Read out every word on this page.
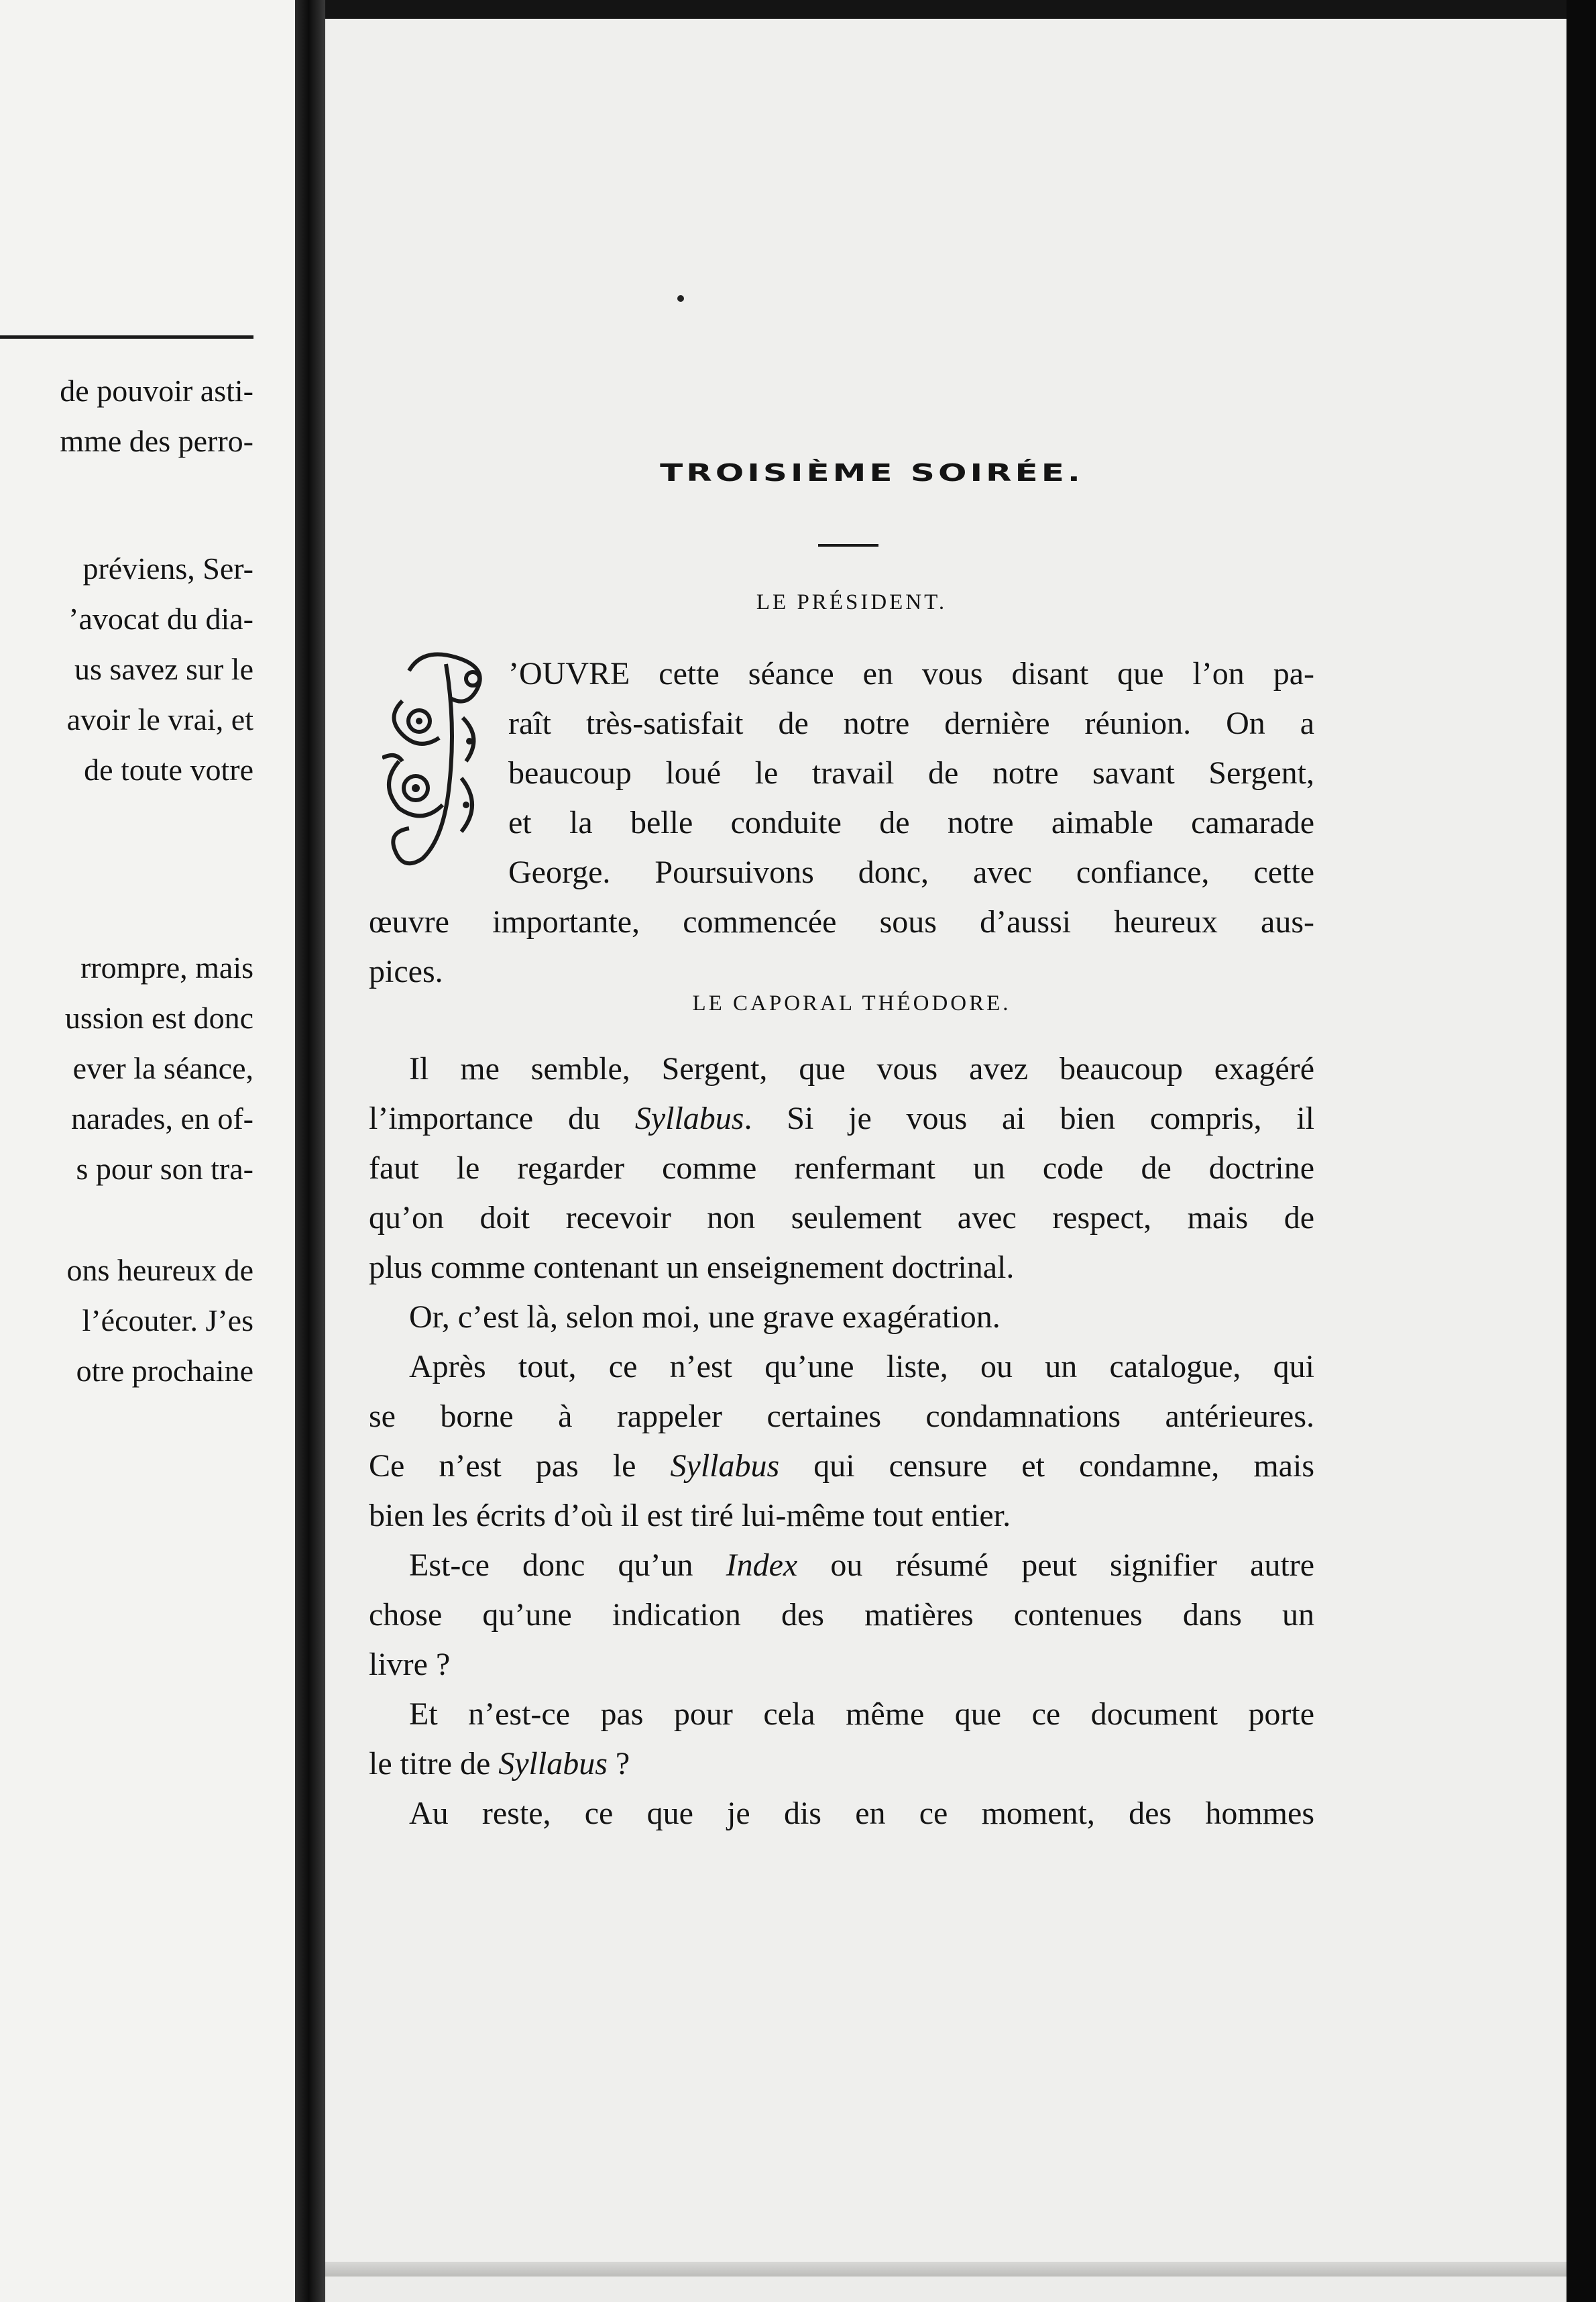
de pouvoir asti-
mme des perro-
préviens, Ser-
’avocat du dia-
us savez sur le
avoir le vrai, et
de toute votre
rrompre, mais
ussion est donc
ever la séance,
narades, en of-
s pour son tra-
ons heureux de
l’écouter. J’es
otre prochaine
TROISIÈME SOIRÉE.
LE PRÉSIDENT.
’OUVRE cette séance en vous disant que l’on pa-
raît très-satisfait de notre dernière réunion. On a
beaucoup loué le travail de notre savant Sergent,
et la belle conduite de notre aimable camarade
George. Poursuivons donc, avec confiance, cette
œuvre importante, commencée sous d’aussi heureux aus-
pices.
LE CAPORAL THÉODORE.
Il me semble, Sergent, que vous avez beaucoup exagéré
l’importance du Syllabus. Si je vous ai bien compris, il
faut le regarder comme renfermant un code de doctrine
qu’on doit recevoir non seulement avec respect, mais de
plus comme contenant un enseignement doctrinal.
Or, c’est là, selon moi, une grave exagération.
Après tout, ce n’est qu’une liste, ou un catalogue, qui
se borne à rappeler certaines condamnations antérieures.
Ce n’est pas le Syllabus qui censure et condamne, mais
bien les écrits d’où il est tiré lui-même tout entier.
Est-ce donc qu’un Index ou résumé peut signifier autre
chose qu’une indication des matières contenues dans un
livre ?
Et n’est-ce pas pour cela même que ce document porte
le titre de Syllabus ?
Au reste, ce que je dis en ce moment, des hommes
